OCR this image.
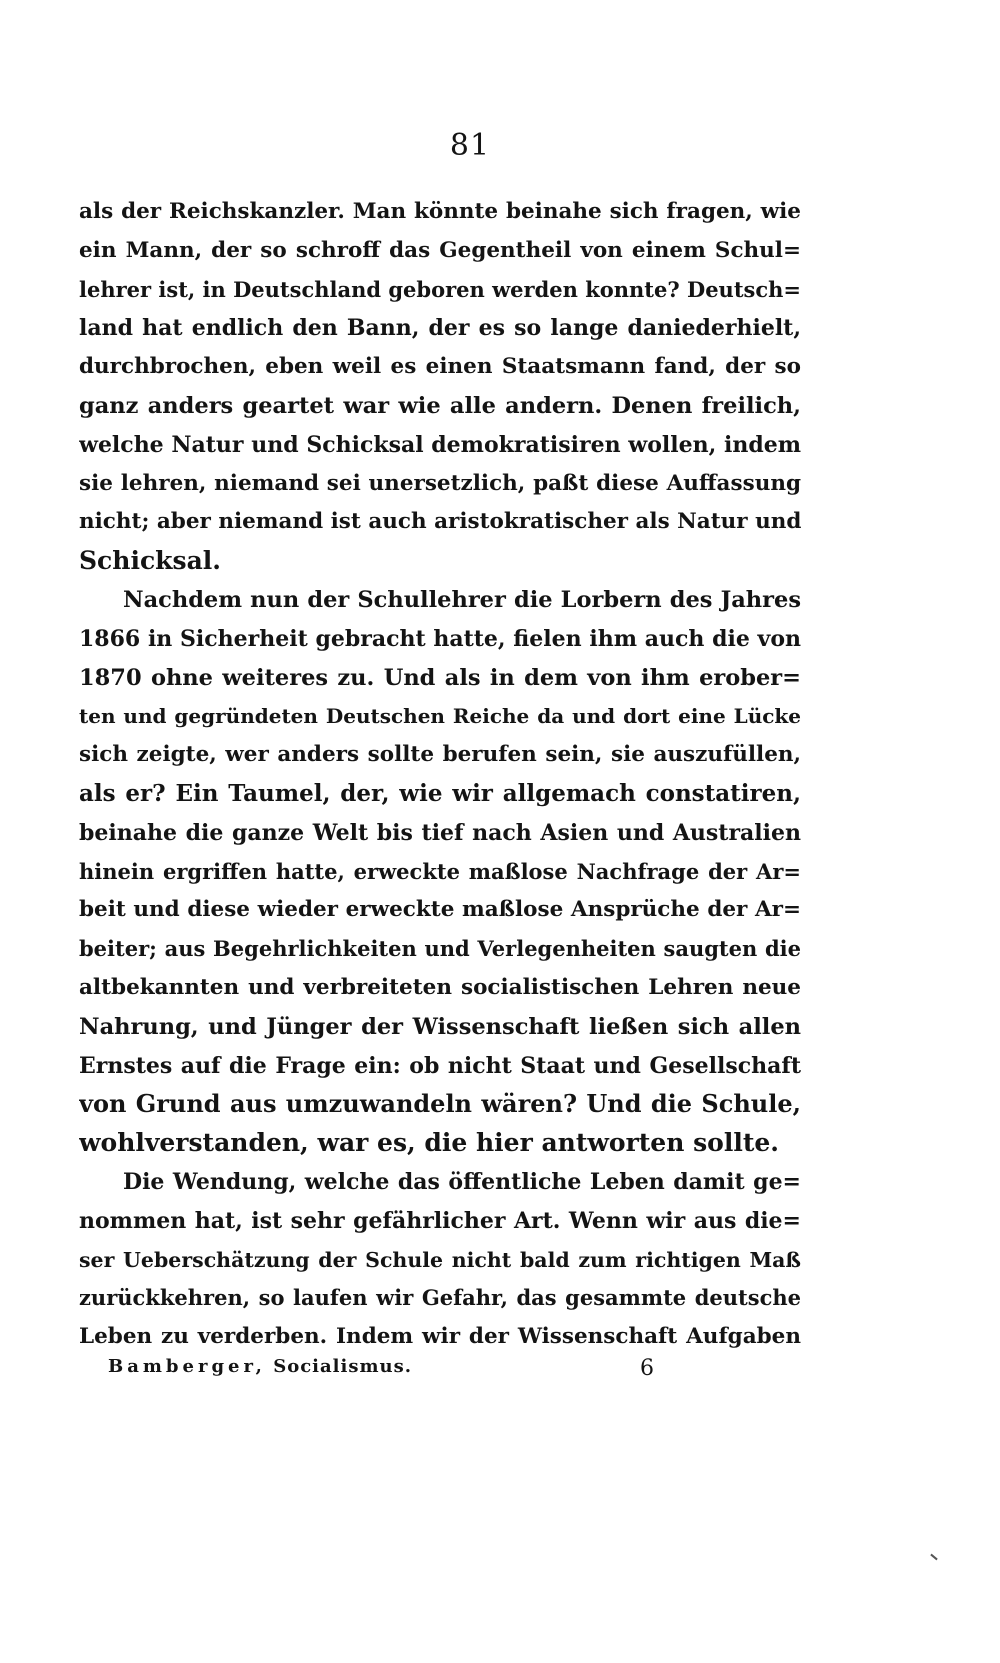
81
als der Reichskanzler. Man könnte beinahe sich fragen, wie
ein Mann, der so schroff das Gegentheil von einem Schul=
lehrer ist, in Deutschland geboren werden konnte? Deutsch=
land hat endlich den Bann, der es so lange daniederhielt,
durchbrochen, eben weil es einen Staatsmann fand, der so
ganz anders geartet war wie alle andern. Denen freilich,
welche Natur und Schicksal demokratisiren wollen, indem
sie lehren, niemand sei unersetzlich, paßt diese Auffassung
nicht; aber niemand ist auch aristokratischer als Natur und
Schicksal.
Nachdem nun der Schullehrer die Lorbern des Jahres
1866 in Sicherheit gebracht hatte, fielen ihm auch die von
1870 ohne weiteres zu. Und als in dem von ihm erober=
ten und gegründeten Deutschen Reiche da und dort eine Lücke
sich zeigte, wer anders sollte berufen sein, sie auszufüllen,
als er? Ein Taumel, der, wie wir allgemach constatiren,
beinahe die ganze Welt bis tief nach Asien und Australien
hinein ergriffen hatte, erweckte maßlose Nachfrage der Ar=
beit und diese wieder erweckte maßlose Ansprüche der Ar=
beiter; aus Begehrlichkeiten und Verlegenheiten saugten die
altbekannten und verbreiteten socialistischen Lehren neue
Nahrung, und Jünger der Wissenschaft ließen sich allen
Ernstes auf die Frage ein: ob nicht Staat und Gesellschaft
von Grund aus umzuwandeln wären? Und die Schule,
wohlverstanden, war es, die hier antworten sollte.
Die Wendung, welche das öffentliche Leben damit ge=
nommen hat, ist sehr gefährlicher Art. Wenn wir aus die=
ser Ueberschätzung der Schule nicht bald zum richtigen Maß
zurückkehren, so laufen wir Gefahr, das gesammte deutsche
Leben zu verderben. Indem wir der Wissenschaft Aufgaben
Bamberger, Socialismus.	6
